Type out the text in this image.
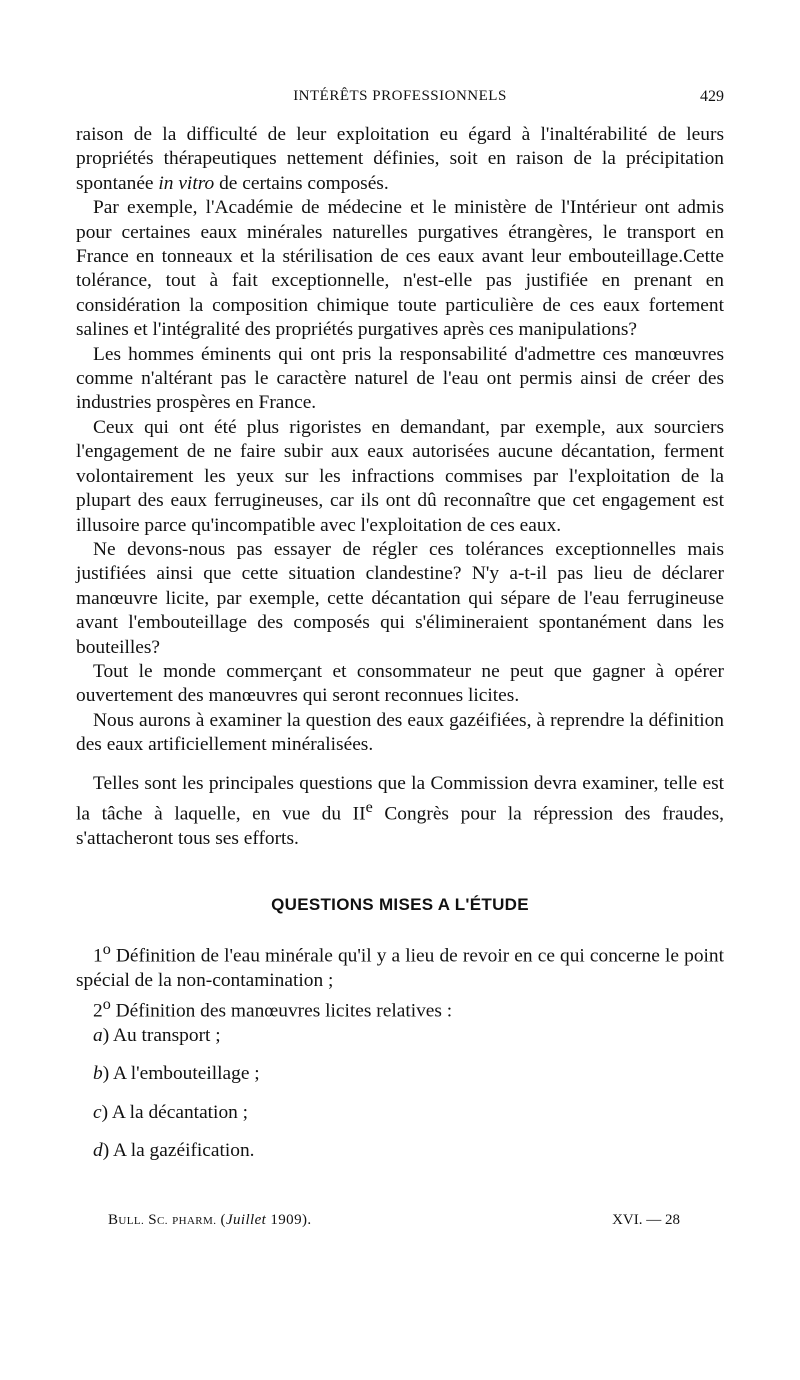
INTÉRÊTS PROFESSIONNELS	429

raison de la difficulté de leur exploitation eu égard à l'inaltérabilité de leurs propriétés thérapeutiques nettement définies, soit en raison de la précipitation spontanée in vitro de certains composés.

Par exemple, l'Académie de médecine et le ministère de l'Intérieur ont admis pour certaines eaux minérales naturelles purgatives étrangères, le transport en France en tonneaux et la stérilisation de ces eaux avant leur embouteillage.Cette tolérance, tout à fait exceptionnelle, n'est-elle pas justifiée en prenant en considération la composition chimique toute particulière de ces eaux fortement salines et l'intégralité des propriétés purgatives après ces manipulations?

Les hommes éminents qui ont pris la responsabilité d'admettre ces manœuvres comme n'altérant pas le caractère naturel de l'eau ont permis ainsi de créer des industries prospères en France.

Ceux qui ont été plus rigoristes en demandant, par exemple, aux sourciers l'engagement de ne faire subir aux eaux autorisées aucune décantation, ferment volontairement les yeux sur les infractions commises par l'exploitation de la plupart des eaux ferrugineuses, car ils ont dû reconnaître que cet engagement est illusoire parce qu'incompatible avec l'exploitation de ces eaux.

Ne devons-nous pas essayer de régler ces tolérances exceptionnelles mais justifiées ainsi que cette situation clandestine? N'y a-t-il pas lieu de déclarer manœuvre licite, par exemple, cette décantation qui sépare de l'eau ferrugineuse avant l'embouteillage des composés qui s'élimineraient spontanément dans les bouteilles?

Tout le monde commerçant et consommateur ne peut que gagner à opérer ouvertement des manœuvres qui seront reconnues licites.

Nous aurons à examiner la question des eaux gazéifiées, à reprendre la définition des eaux artificiellement minéralisées.

Telles sont les principales questions que la Commission devra examiner, telle est la tâche à laquelle, en vue du IIe Congrès pour la répression des fraudes, s'attacheront tous ses efforts.

QUESTIONS MISES A L'ÉTUDE

1$^o$ Définition de l'eau minérale qu'il y a lieu de revoir en ce qui concerne le point spécial de la non-contamination ;

2$^o$ Définition des manœuvres licites relatives :

a) Au transport ;

b) A l'embouteillage ;

c) A la décantation ;

d) A la gazéification.

BULL. SC. PHARM. (Juillet 1909).	XVI. — 28
